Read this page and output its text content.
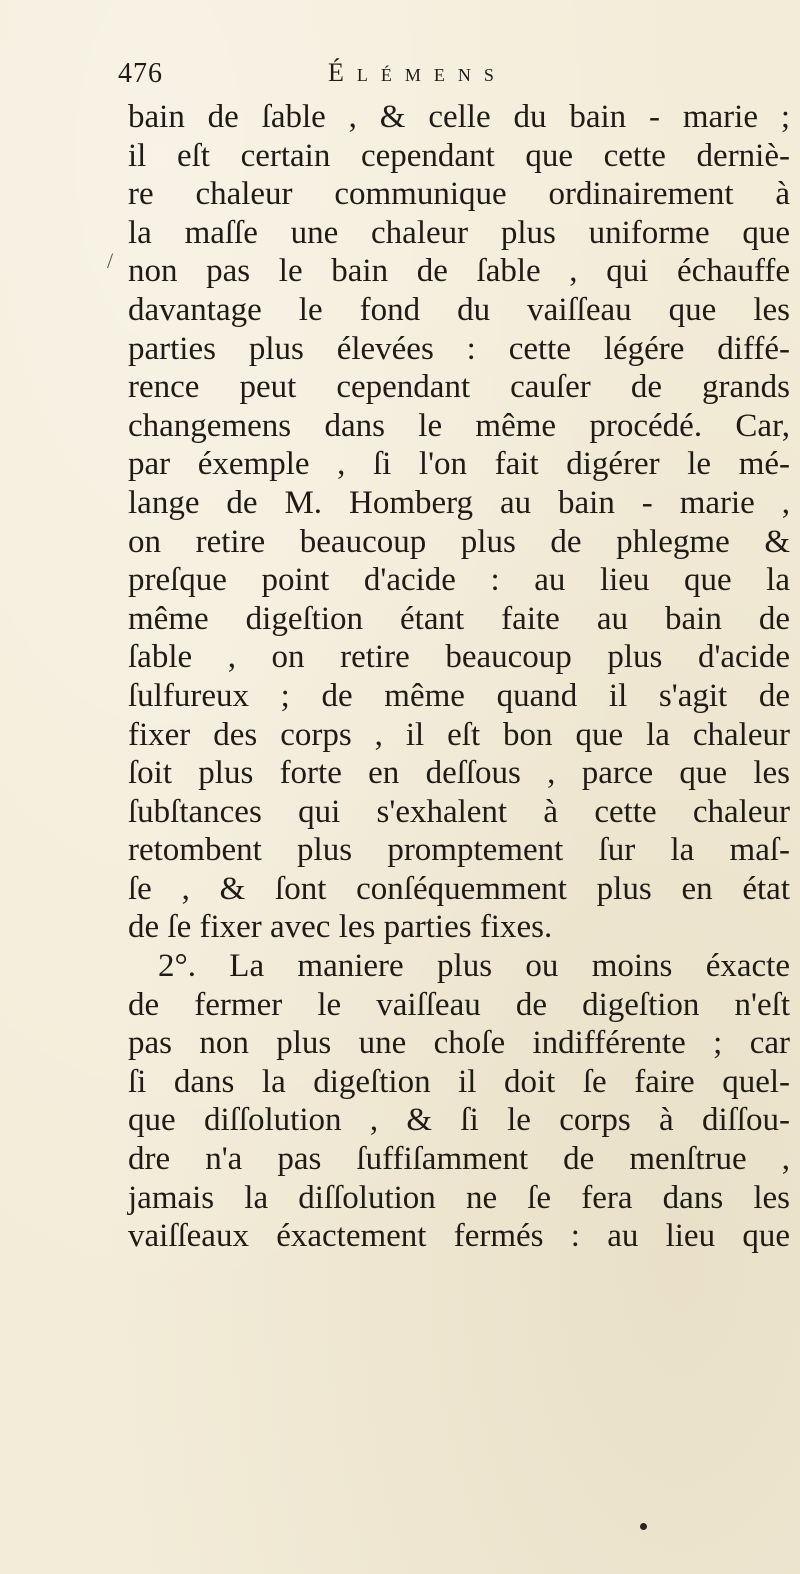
476	Élémens
/
bain de ſable , & celle du bain - marie ;
il eſt certain cependant que cette derniè-
re chaleur communique ordinairement à
la maſſe une chaleur plus uniforme que
non pas le bain de ſable , qui échauffe
davantage le fond du vaiſſeau que les
parties plus élevées : cette légére diffé-
rence peut cependant cauſer de grands
changemens dans le même procédé. Car,
par éxemple , ſi l'on fait digérer le mé-
lange de M. Homberg au bain - marie ,
on retire beaucoup plus de phlegme &
preſque point d'acide : au lieu que la
même digeſtion étant faite au bain de
ſable , on retire beaucoup plus d'acide
ſulfureux ; de même quand il s'agit de
fixer des corps , il eſt bon que la chaleur
ſoit plus forte en deſſous , parce que les
ſubſtances qui s'exhalent à cette chaleur
retombent plus promptement ſur la maſ-
ſe , & ſont conſéquemment plus en état
de ſe fixer avec les parties fixes.
2°. La maniere plus ou moins éxacte
de fermer le vaiſſeau de digeſtion n'eſt
pas non plus une choſe indifférente ; car
ſi dans la digeſtion il doit ſe faire quel-
que diſſolution , & ſi le corps à diſſou-
dre n'a pas ſuffiſamment de menſtrue ,
jamais la diſſolution ne ſe fera dans les
vaiſſeaux éxactement fermés : au lieu que
